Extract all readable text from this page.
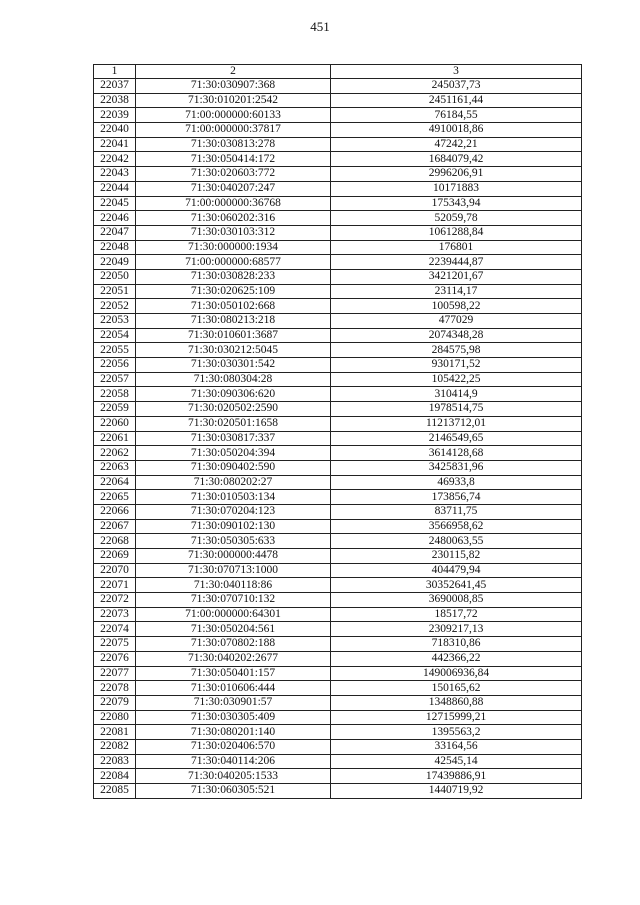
451
1	2	3
22037	71:30:030907:368	245037,73
22038	71:30:010201:2542	2451161,44
22039	71:00:000000:60133	76184,55
22040	71:00:000000:37817	4910018,86
22041	71:30:030813:278	47242,21
22042	71:30:050414:172	1684079,42
22043	71:30:020603:772	2996206,91
22044	71:30:040207:247	10171883
22045	71:00:000000:36768	175343,94
22046	71:30:060202:316	52059,78
22047	71:30:030103:312	1061288,84
22048	71:30:000000:1934	176801
22049	71:00:000000:68577	2239444,87
22050	71:30:030828:233	3421201,67
22051	71:30:020625:109	23114,17
22052	71:30:050102:668	100598,22
22053	71:30:080213:218	477029
22054	71:30:010601:3687	2074348,28
22055	71:30:030212:5045	284575,98
22056	71:30:030301:542	930171,52
22057	71:30:080304:28	105422,25
22058	71:30:090306:620	310414,9
22059	71:30:020502:2590	1978514,75
22060	71:30:020501:1658	11213712,01
22061	71:30:030817:337	2146549,65
22062	71:30:050204:394	3614128,68
22063	71:30:090402:590	3425831,96
22064	71:30:080202:27	46933,8
22065	71:30:010503:134	173856,74
22066	71:30:070204:123	83711,75
22067	71:30:090102:130	3566958,62
22068	71:30:050305:633	2480063,55
22069	71:30:000000:4478	230115,82
22070	71:30:070713:1000	404479,94
22071	71:30:040118:86	30352641,45
22072	71:30:070710:132	3690008,85
22073	71:00:000000:64301	18517,72
22074	71:30:050204:561	2309217,13
22075	71:30:070802:188	718310,86
22076	71:30:040202:2677	442366,22
22077	71:30:050401:157	149006936,84
22078	71:30:010606:444	150165,62
22079	71:30:030901:57	1348860,88
22080	71:30:030305:409	12715999,21
22081	71:30:080201:140	1395563,2
22082	71:30:020406:570	33164,56
22083	71:30:040114:206	42545,14
22084	71:30:040205:1533	17439886,91
22085	71:30:060305:521	1440719,92
